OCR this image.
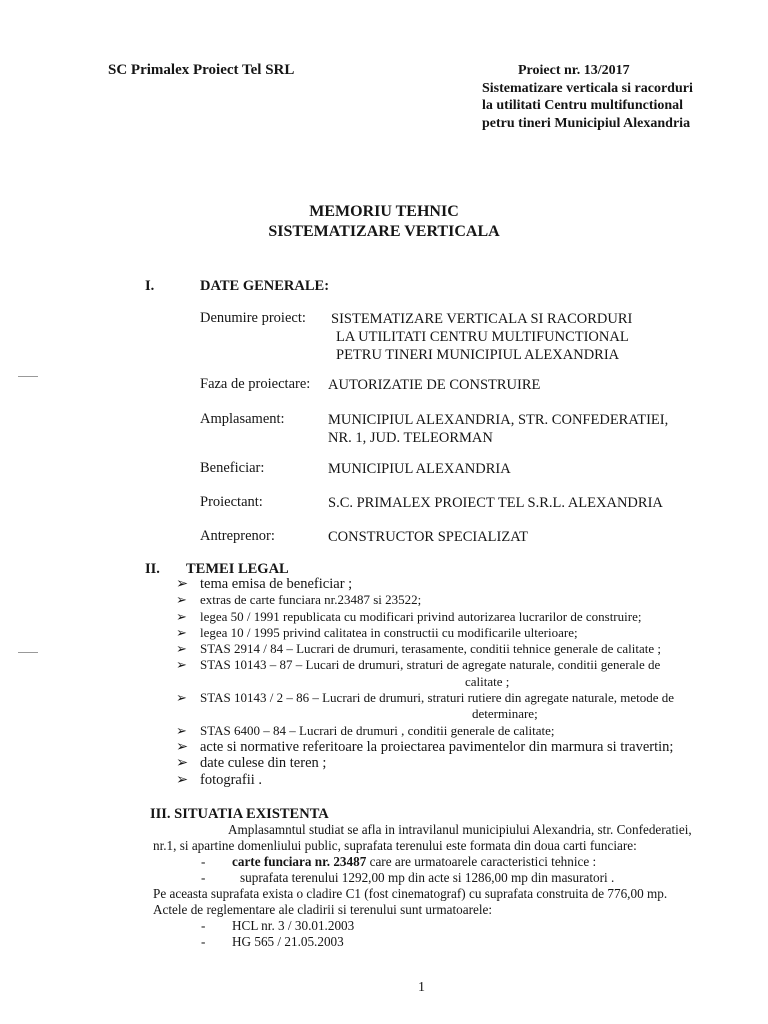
SC Primalex Proiect Tel SRL	Proiect nr. 13/2017
Sistematizare verticala si racorduri
la utilitati Centru multifunctional
petru tineri Municipiul Alexandria
MEMORIU TEHNIC
SISTEMATIZARE VERTICALA
I.	DATE GENERALE:
Denumire proiect: SISTEMATIZARE VERTICALA SI RACORDURI
LA UTILITATI CENTRU MULTIFUNCTIONAL
PETRU TINERI MUNICIPIUL ALEXANDRIA
Faza de proiectare: AUTORIZATIE DE CONSTRUIRE
Amplasament:	MUNICIPIUL ALEXANDRIA, STR. CONFEDERATIEI,
NR. 1, JUD. TELEORMAN
Beneficiar:	MUNICIPIUL ALEXANDRIA
Proiectant:	S.C. PRIMALEX PROIECT TEL S.R.L. ALEXANDRIA
Antreprenor:	CONSTRUCTOR SPECIALIZAT
II. TEMEI LEGAL
➢ tema emisa de beneficiar ;
➢	extras de carte funciara nr.23487 si 23522;
➢	legea 50 / 1991 republicata cu modificari privind autorizarea lucrarilor de construire;
➢	legea 10 / 1995 privind calitatea in constructii cu modificarile ulterioare;
➢	STAS 2914 / 84 – Lucrari de drumuri, terasamente, conditii tehnice generale de calitate ;
➢	STAS 10143 – 87 – Lucari de drumuri, straturi de agregate naturale, conditii generale de
calitate ;
➢	STAS 10143 / 2 – 86 – Lucrari de drumuri, straturi rutiere din agregate naturale, metode de
determinare;
➢	STAS 6400 – 84 – Lucrari de drumuri , conditii generale de calitate;
➢ acte si normative referitoare la proiectarea pavimentelor din marmura si travertin;
➢ date culese din teren ;
➢ fotografii .
III. SITUATIA EXISTENTA
Amplasamntul studiat se afla in intravilanul municipiului Alexandria, str. Confederatiei,
nr.1, si apartine domenliului public, suprafata terenului este formata din doua carti funciare:
- carte funciara nr. 23487 care are urmatoarele caracteristici tehnice :
-	suprafata terenului 1292,00 mp din acte si 1286,00 mp din masuratori .
Pe aceasta suprafata exista o cladire C1 (fost cinematograf) cu suprafata construita de 776,00 mp.
Actele de reglementare ale cladirii si terenului sunt urmatoarele:
- HCL nr. 3 / 30.01.2003
- HG 565 / 21.05.2003
1
